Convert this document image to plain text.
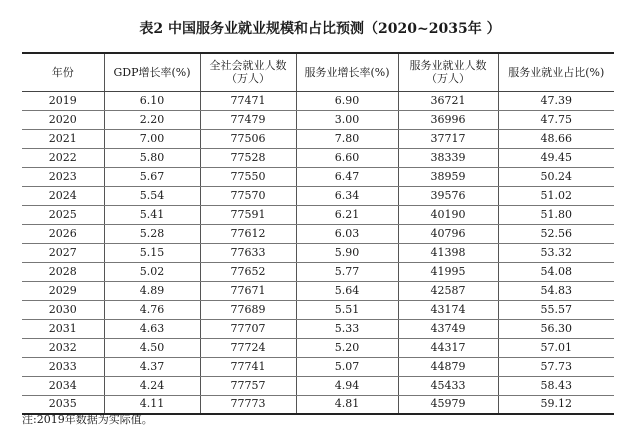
表2 中国服务业就业规模和占比预测（2020~2035年 ）
年份	GDP增长率(%)	全社会就业人数（万人）	服务业增长率(%)	服务业就业人数（万人）	服务业就业占比(%)
2019	6.10	77471	6.90	36721	47.39
2020	2.20	77479	3.00	36996	47.75
2021	7.00	77506	7.80	37717	48.66
2022	5.80	77528	6.60	38339	49.45
2023	5.67	77550	6.47	38959	50.24
2024	5.54	77570	6.34	39576	51.02
2025	5.41	77591	6.21	40190	51.80
2026	5.28	77612	6.03	40796	52.56
2027	5.15	77633	5.90	41398	53.32
2028	5.02	77652	5.77	41995	54.08
2029	4.89	77671	5.64	42587	54.83
2030	4.76	77689	5.51	43174	55.57
2031	4.63	77707	5.33	43749	56.30
2032	4.50	77724	5.20	44317	57.01
2033	4.37	77741	5.07	44879	57.73
2034	4.24	77757	4.94	45433	58.43
2035	4.11	77773	4.81	45979	59.12
注:2019年数据为实际值。
